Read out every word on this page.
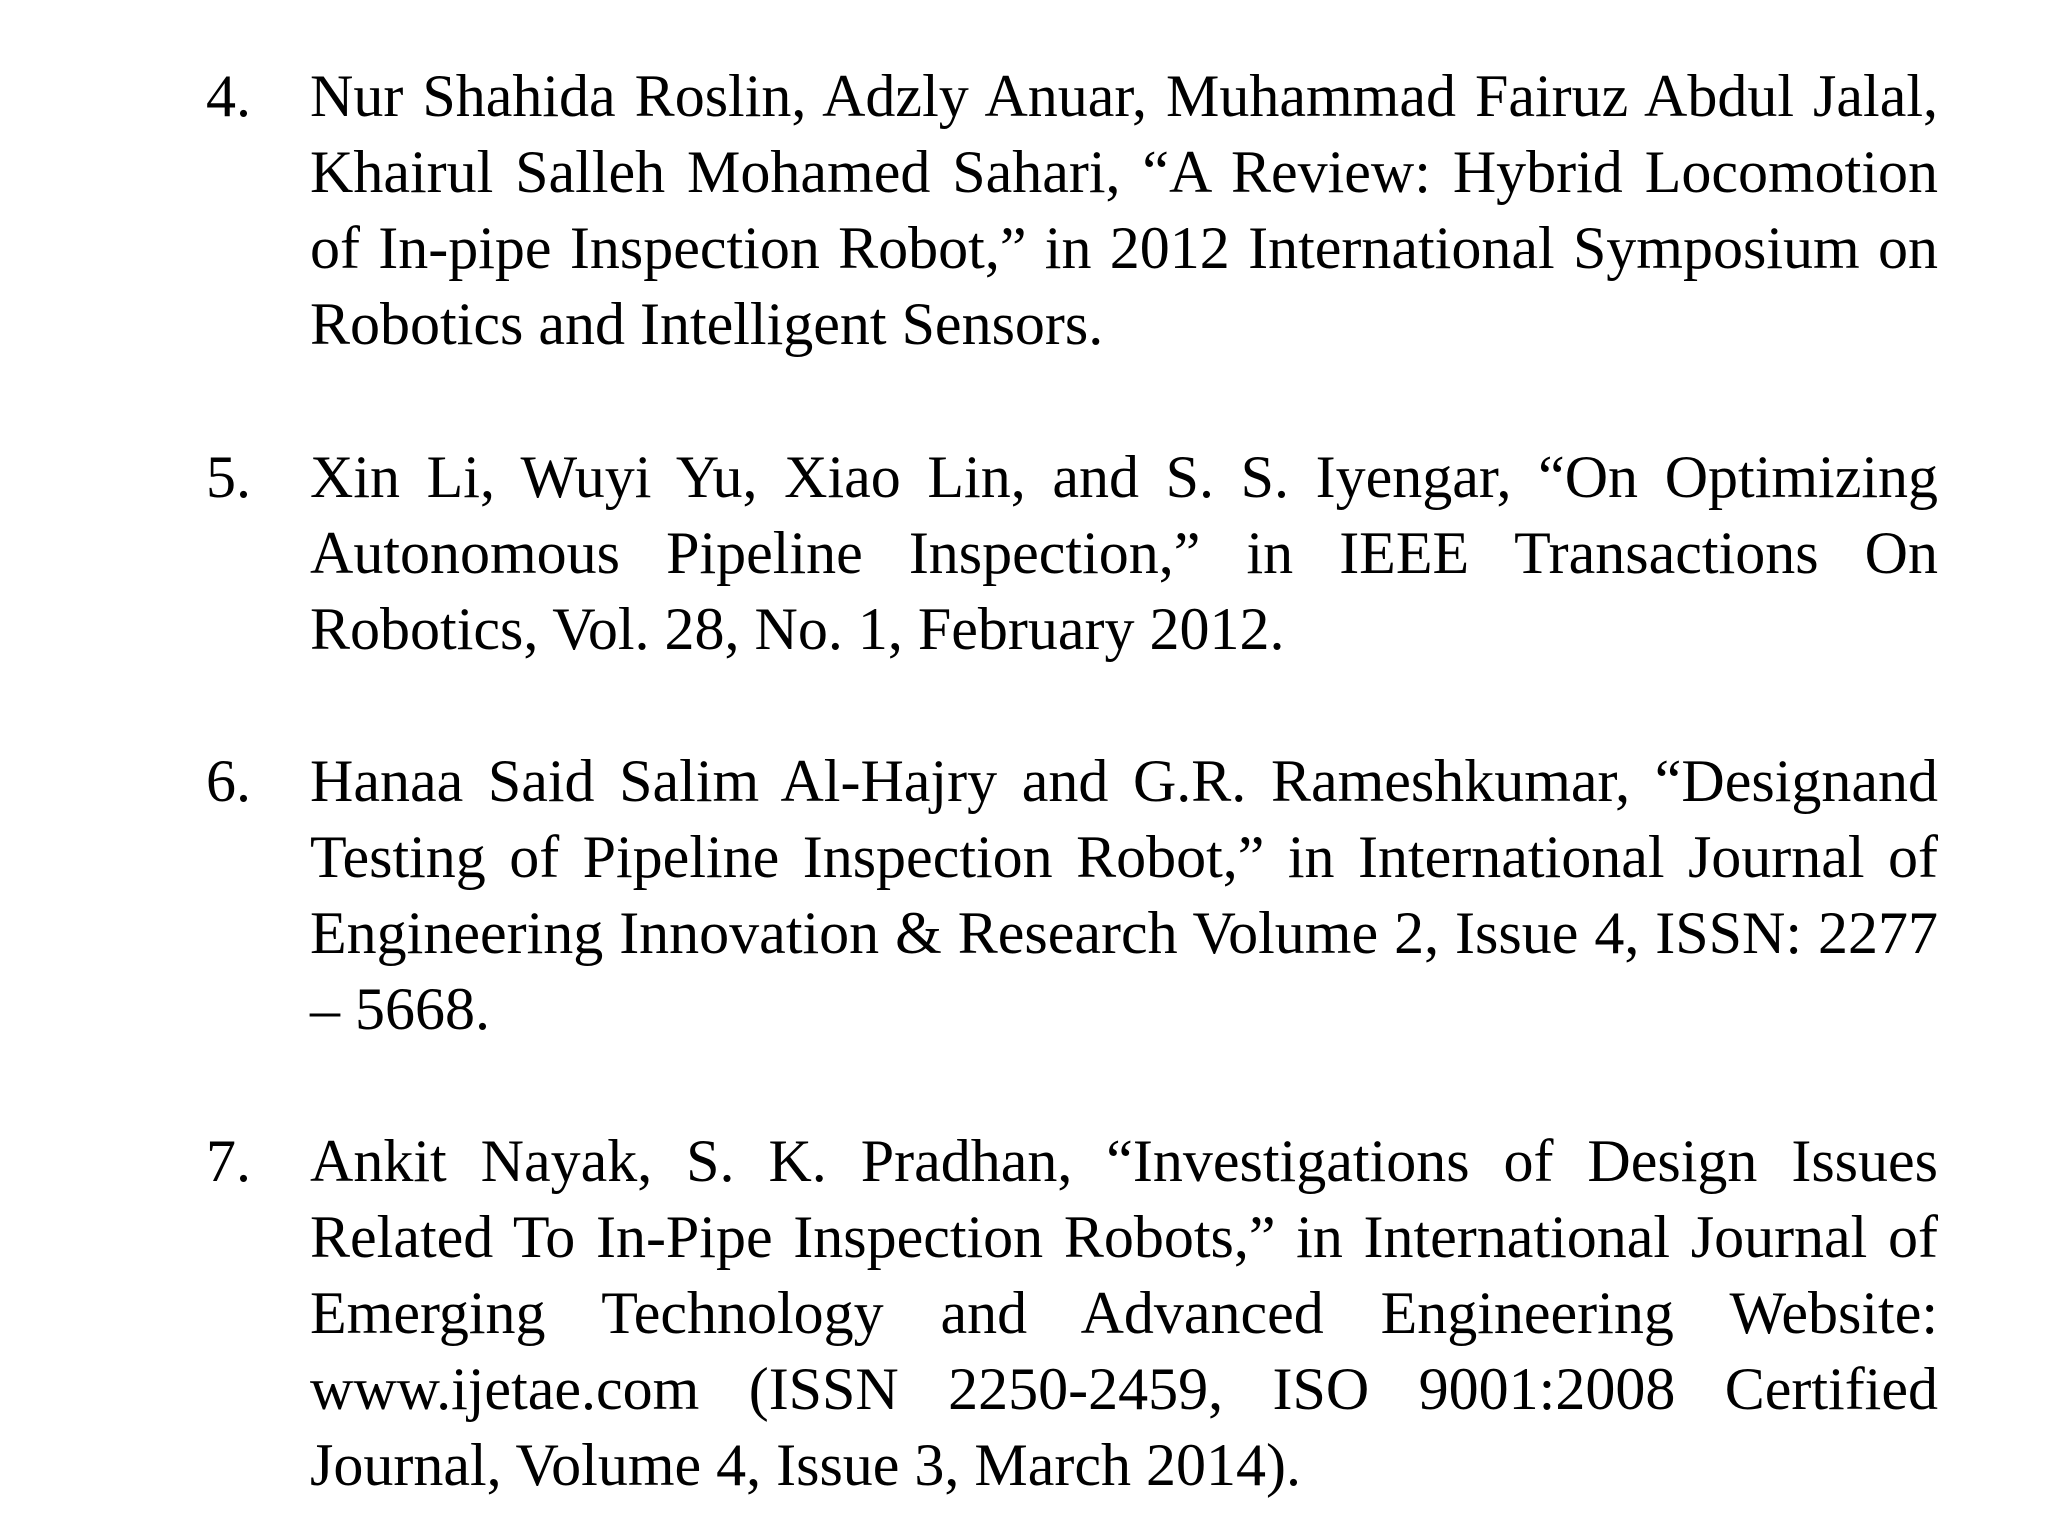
4. Nur Shahida Roslin, Adzly Anuar, Muhammad Fairuz Abdul Jalal, Khairul Salleh Mohamed Sahari, “A Review: Hybrid Locomotion of In-pipe Inspection Robot,” in 2012 International Symposium on Robotics and Intelligent Sensors.
5. Xin Li, Wuyi Yu, Xiao Lin, and S. S. Iyengar, “On Optimizing Autonomous Pipeline Inspection,” in IEEE Transactions On Robotics, Vol. 28, No. 1, February 2012.
6. Hanaa Said Salim Al-Hajry and G.R. Rameshkumar, “Designand Testing of Pipeline Inspection Robot,” in International Journal of Engineering Innovation & Research Volume 2, Issue 4, ISSN: 2277 – 5668.
7. Ankit Nayak, S. K. Pradhan, “Investigations of Design Issues Related To In-Pipe Inspection Robots,” in International Journal of Emerging Technology and Advanced Engineering Website: www.ijetae.com (ISSN 2250-2459, ISO 9001:2008 Certified Journal, Volume 4, Issue 3, March 2014).
